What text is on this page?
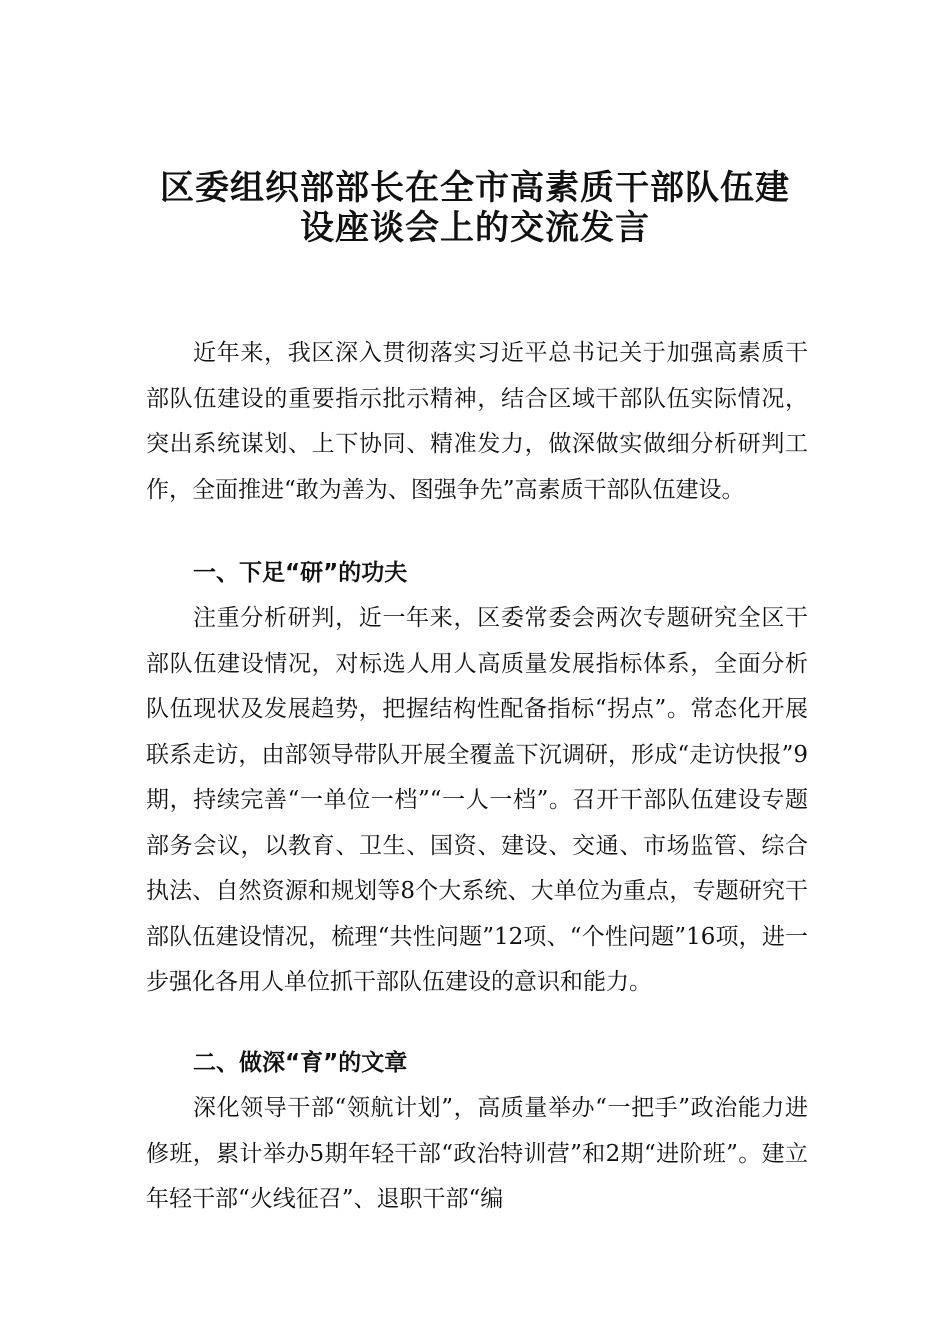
区委组织部部长在全市高素质干部队伍建
设座谈会上的交流发言

近年来，我区深入贯彻落实习近平总书记关于加强高素质干部队伍建设的重要指示批示精神，结合区域干部队伍实际情况，突出系统谋划、上下协同、精准发力，做深做实做细分析研判工作，全面推进“敢为善为、图强争先”高素质干部队伍建设。

一、下足“研”的功夫

注重分析研判，近一年来，区委常委会两次专题研究全区干部队伍建设情况，对标选人用人高质量发展指标体系，全面分析队伍现状及发展趋势，把握结构性配备指标“拐点”。常态化开展联系走访，由部领导带队开展全覆盖下沉调研，形成“走访快报”9期，持续完善“一单位一档”“一人一档”。召开干部队伍建设专题部务会议，以教育、卫生、国资、建设、交通、市场监管、综合执法、自然资源和规划等8个大系统、大单位为重点，专题研究干部队伍建设情况，梳理“共性问题”12项、“个性问题”16项，进一步强化各用人单位抓干部队伍建设的意识和能力。

二、做深“育”的文章

深化领导干部“领航计划”，高质量举办“一把手”政治能力进修班，累计举办5期年轻干部“政治特训营”和2期“进阶班”。建立年轻干部“火线征召”、退职干部“编
